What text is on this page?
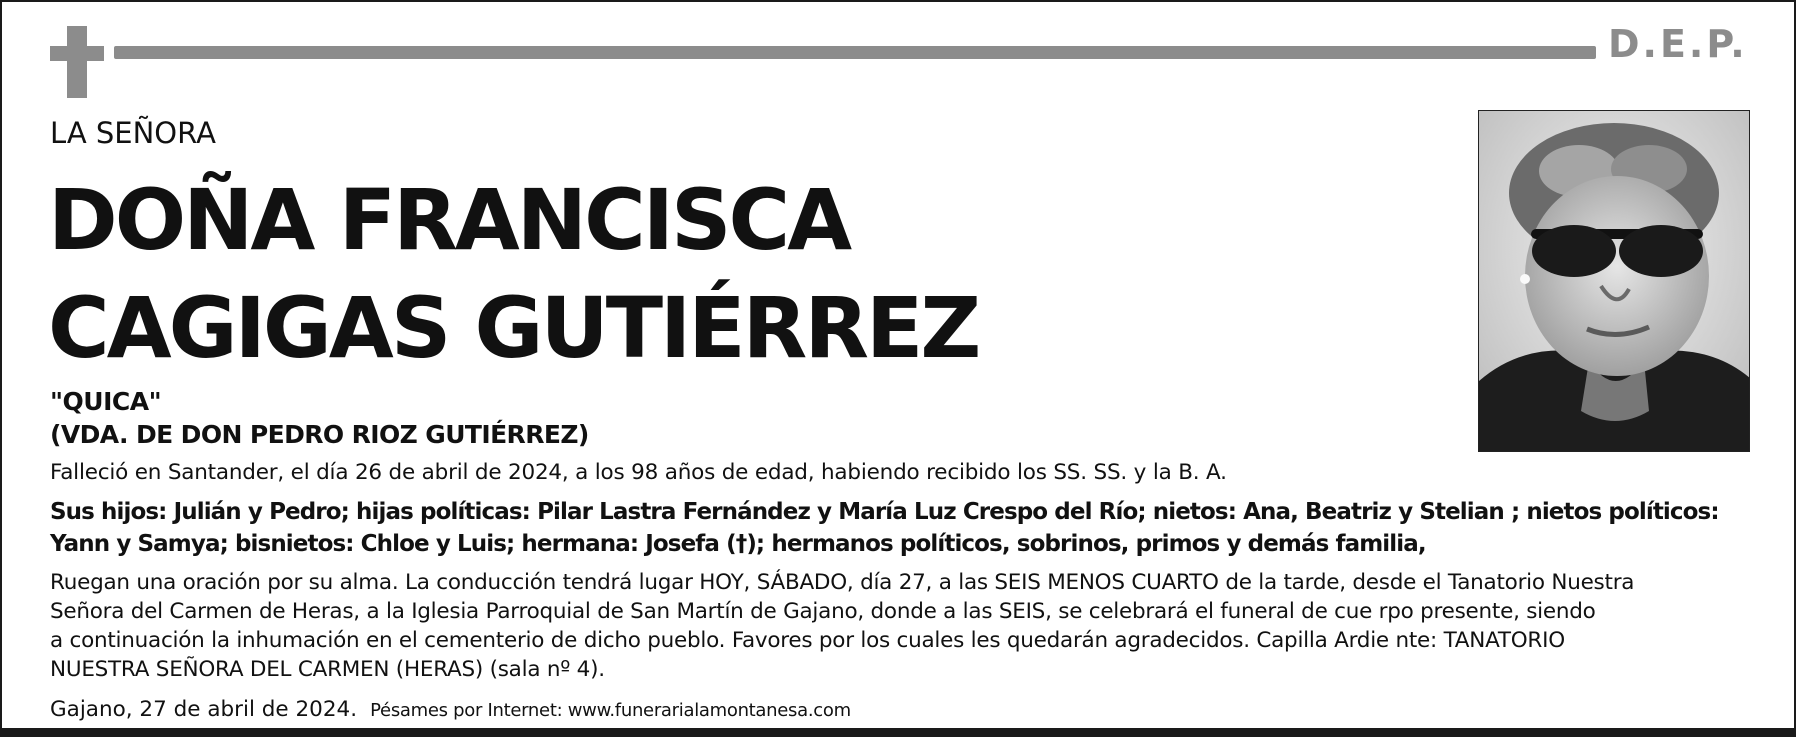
D.E.P.
LA SEÑORA
DOÑA FRANCISCA
CAGIGAS GUTIÉRREZ
"QUICA"
(VDA. DE DON PEDRO RIOZ GUTIÉRREZ)
Falleció en Santander, el día 26 de abril de 2024, a los 98 años de edad, habiendo recibido los SS. SS. y la B. A.
Sus hijos: Julián y Pedro; hijas políticas: Pilar Lastra Fernández y María Luz Crespo del Río; nietos: Ana, Beatriz y Stelian ; nietos políticos: Yann y Samya; bisnietos: Chloe y Luis; hermana: Josefa (†); hermanos políticos, sobrinos, primos y demás familia,
Ruegan una oración por su alma. La conducción tendrá lugar HOY, SÁBADO, día 27, a las SEIS MENOS CUARTO de la tarde, desde el Tanatorio Nuestra
Señora del Carmen de Heras, a la Iglesia Parroquial de San Martín de Gajano, donde a las SEIS, se celebrará el funeral de cue rpo presente, siendo
a continuación la inhumación en el cementerio de dicho pueblo. Favores por los cuales les quedarán agradecidos. Capilla Ardie nte: TANATORIO
NUESTRA SEÑORA DEL CARMEN (HERAS) (sala nº 4).
Gajano, 27 de abril de 2024. Pésames por Internet: www.funerarialamontanesa.com
